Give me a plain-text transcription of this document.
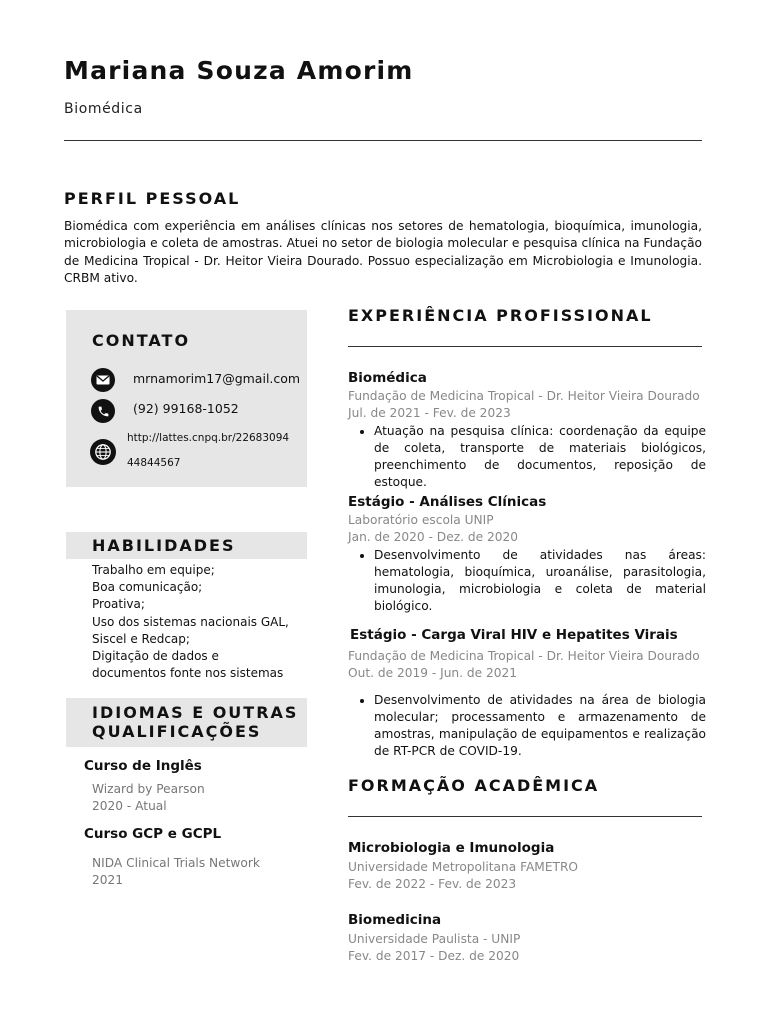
Mariana Souza Amorim
Biomédica
PERFIL PESSOAL
Biomédica com experiência em análises clínicas nos setores de hematologia, bioquímica, imunologia, microbiologia e coleta de amostras. Atuei no setor de biologia molecular e pesquisa clínica na Fundação de Medicina Tropical - Dr. Heitor Vieira Dourado. Possuo especialização em Microbiologia e Imunologia. CRBM ativo.
CONTATO
mrnamorim17@gmail.com
(92) 99168-1052
http://lattes.cnpq.br/22683094
44844567
HABILIDADES
Trabalho em equipe;
Boa comunicação;
Proativa;
Uso dos sistemas nacionais GAL,
Siscel e Redcap;
Digitação de dados e
documentos fonte nos sistemas
IDIOMAS E OUTRAS
QUALIFICAÇÕES
Curso de Inglês
Wizard by Pearson
2020 - Atual
Curso GCP e GCPL
NIDA Clinical Trials Network
2021
EXPERIÊNCIA PROFISSIONAL
Biomédica
Fundação de Medicina Tropical - Dr. Heitor Vieira Dourado
Jul. de 2021 - Fev. de 2023
• Atuação na pesquisa clínica: coordenação da equipe de coleta, transporte de materiais biológicos, preenchimento de documentos, reposição de estoque.
Estágio - Análises Clínicas
Laboratório escola UNIP
Jan. de 2020 - Dez. de 2020
• Desenvolvimento de atividades nas áreas: hematologia, bioquímica, uroanálise, parasitologia, imunologia, microbiologia e coleta de material biológico.
Estágio - Carga Viral HIV e Hepatites Virais
Fundação de Medicina Tropical - Dr. Heitor Vieira Dourado
Out. de 2019 - Jun. de 2021
• Desenvolvimento de atividades na área de biologia molecular; processamento e armazenamento de amostras, manipulação de equipamentos e realização de RT-PCR de COVID-19.
FORMAÇÃO ACADÊMICA
Microbiologia e Imunologia
Universidade Metropolitana FAMETRO
Fev. de 2022 - Fev. de 2023
Biomedicina
Universidade Paulista - UNIP
Fev. de 2017 - Dez. de 2020
